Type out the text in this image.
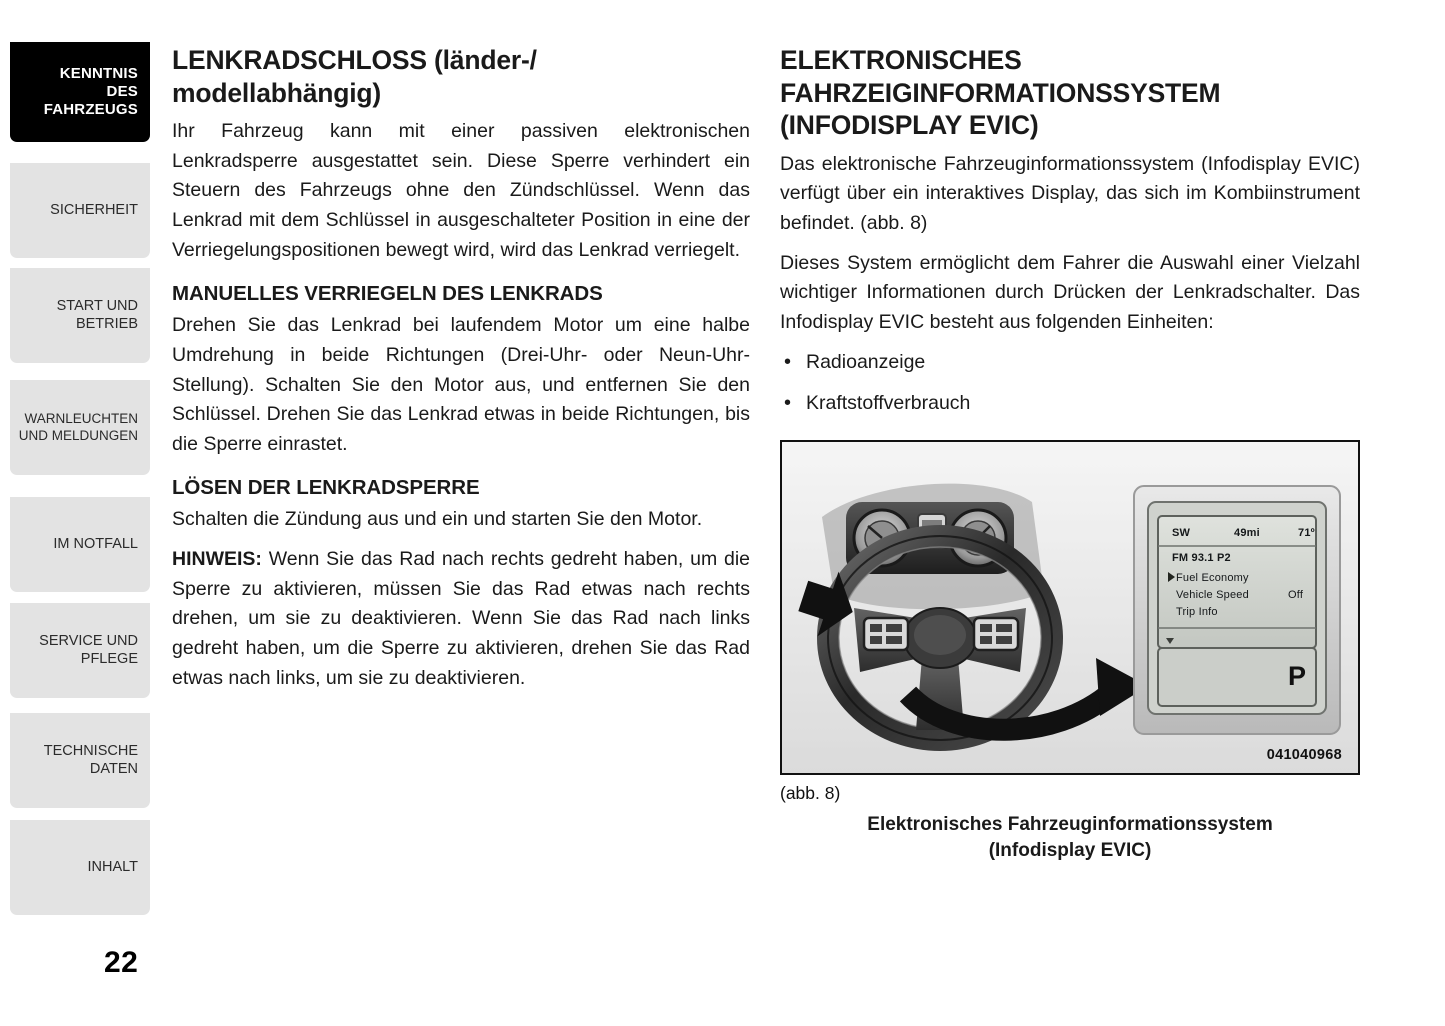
KENNTNIS
DES
FAHRZEUGS
SICHERHEIT
START UND
BETRIEB
WARNLEUCHTEN
UND MELDUNGEN
IM NOTFALL
SERVICE UND
PFLEGE
TECHNISCHE
DATEN
INHALT
22
LENKRADSCHLOSS (länder-/ modellabhängig)

Ihr Fahrzeug kann mit einer passiven elektronischen Lenkradsperre ausgestattet sein. Diese Sperre verhindert ein Steuern des Fahrzeugs ohne den Zündschlüssel. Wenn das Lenkrad mit dem Schlüssel in ausgeschalteter Position in eine der Verriegelungspositionen bewegt wird, wird das Lenkrad verriegelt.

MANUELLES VERRIEGELN DES LENKRADS

Drehen Sie das Lenkrad bei laufendem Motor um eine halbe Umdrehung in beide Richtungen (Drei-Uhr- oder Neun-Uhr-Stellung). Schalten Sie den Motor aus, und entfernen Sie den Schlüssel. Drehen Sie das Lenkrad etwas in beide Richtungen, bis die Sperre einrastet.

LÖSEN DER LENKRADSPERRE

Schalten die Zündung aus und ein und starten Sie den Motor.

HINWEIS: Wenn Sie das Rad nach rechts gedreht haben, um die Sperre zu aktivieren, müssen Sie das Rad etwas nach rechts drehen, um sie zu deaktivieren. Wenn Sie das Rad nach links gedreht haben, um die Sperre zu aktivieren, drehen Sie das Rad etwas nach links, um sie zu deaktivieren.

ELEKTRONISCHES FAHRZEIGINFORMATIONSSYSTEM (INFODISPLAY EVIC)

Das elektronische Fahrzeuginformationssystem (Infodisplay EVIC) verfügt über ein interaktives Display, das sich im Kombiinstrument befindet. (abb. 8)

Dieses System ermöglicht dem Fahrer die Auswahl einer Vielzahl wichtiger Informationen durch Drücken der Lenkradschalter. Das Infodisplay EVIC besteht aus folgenden Einheiten:

• Radioanzeige
• Kraftstoffverbrauch
SW	49mi	71º
FM 93.1 P2
Fuel Economy
Vehicle Speed	Off
Trip Info
P
041040968
(abb. 8)
Elektronisches Fahrzeuginformationssystem
(Infodisplay EVIC)
